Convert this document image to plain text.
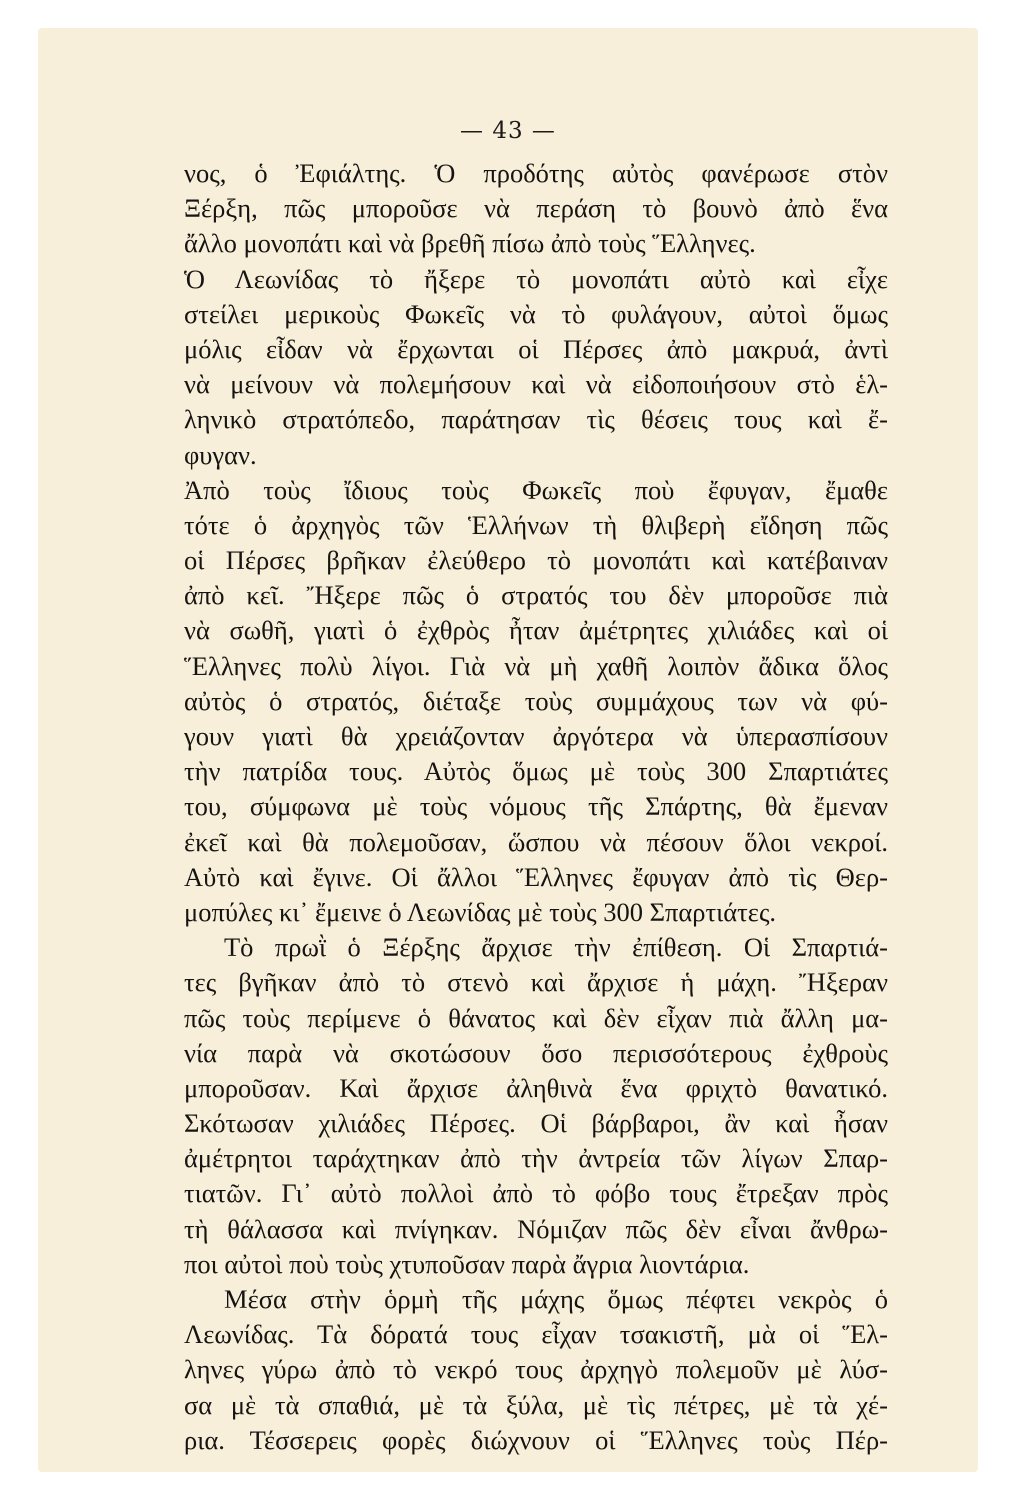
— 43 —
νος, ὁ Ἐφιάλτης. Ὁ προδότης αὐτὸς φανέρωσε στὸν
Ξέρξη, πῶς μποροῦσε νὰ περάση τὸ βουνὸ ἀπὸ ἕνα
ἄλλο μονοπάτι καὶ νὰ βρεθῆ πίσω ἀπὸ τοὺς Ἕλληνες.
Ὁ Λεωνίδας τὸ ἤξερε τὸ μονοπάτι αὐτὸ καὶ εἶχε
στείλει μερικοὺς Φωκεῖς νὰ τὸ φυλάγουν, αὐτοὶ ὅμως
μόλις εἶδαν νὰ ἔρχωνται οἱ Πέρσες ἀπὸ μακρυά, ἀντὶ
νὰ μείνουν νὰ πολεμήσουν καὶ νὰ εἰδοποιήσουν στὸ ἑλ-
ληνικὸ στρατόπεδο, παράτησαν τὶς θέσεις τους καὶ ἔ-
φυγαν.
Ἀπὸ τοὺς ἴδιους τοὺς Φωκεῖς ποὺ ἔφυγαν, ἔμαθε
τότε ὁ ἀρχηγὸς τῶν Ἑλλήνων τὴ θλιβερὴ εἴδηση πῶς
οἱ Πέρσες βρῆκαν ἐλεύθερο τὸ μονοπάτι καὶ κατέβαιναν
ἀπὸ κεῖ. Ἤξερε πῶς ὁ στρατός του δὲν μποροῦσε πιὰ
νὰ σωθῆ, γιατὶ ὁ ἐχθρὸς ἦταν ἀμέτρητες χιλιάδες καὶ οἱ
Ἕλληνες πολὺ λίγοι. Γιὰ νὰ μὴ χαθῆ λοιπὸν ἄδικα ὅλος
αὐτὸς ὁ στρατός, διέταξε τοὺς συμμάχους των νὰ φύ-
γουν γιατὶ θὰ χρειάζονταν ἀργότερα νὰ ὑπερασπίσουν
τὴν πατρίδα τους. Αὐτὸς ὅμως μὲ τοὺς 300 Σπαρτιάτες
του, σύμφωνα μὲ τοὺς νόμους τῆς Σπάρτης, θὰ ἔμεναν
ἐκεῖ καὶ θὰ πολεμοῦσαν, ὥσπου νὰ πέσουν ὅλοι νεκροί.
Αὐτὸ καὶ ἔγινε. Οἱ ἄλλοι Ἕλληνες ἔφυγαν ἀπὸ τὶς Θερ-
μοπύλες κι᾽ ἔμεινε ὁ Λεωνίδας μὲ τοὺς 300 Σπαρτιάτες.
Τὸ πρωῒ ὁ Ξέρξης ἄρχισε τὴν ἐπίθεση. Οἱ Σπαρτιά-
τες βγῆκαν ἀπὸ τὸ στενὸ καὶ ἄρχισε ἡ μάχη. Ἤξεραν
πῶς τοὺς περίμενε ὁ θάνατος καὶ δὲν εἶχαν πιὰ ἄλλη μα-
νία παρὰ νὰ σκοτώσουν ὅσο περισσότερους ἐχθροὺς
μποροῦσαν. Καὶ ἄρχισε ἀληθινὰ ἕνα φριχτὸ θανατικό.
Σκότωσαν χιλιάδες Πέρσες. Οἱ βάρβαροι, ἂν καὶ ἦσαν
ἀμέτρητοι ταράχτηκαν ἀπὸ τὴν ἀντρεία τῶν λίγων Σπαρ-
τιατῶν. Γι᾽ αὐτὸ πολλοὶ ἀπὸ τὸ φόβο τους ἔτρεξαν πρὸς
τὴ θάλασσα καὶ πνίγηκαν. Νόμιζαν πῶς δὲν εἶναι ἄνθρω-
ποι αὐτοὶ ποὺ τοὺς χτυποῦσαν παρὰ ἄγρια λιοντάρια.
Μέσα στὴν ὁρμὴ τῆς μάχης ὅμως πέφτει νεκρὸς ὁ
Λεωνίδας. Τὰ δόρατά τους εἶχαν τσακιστῆ, μὰ οἱ Ἕλ-
ληνες γύρω ἀπὸ τὸ νεκρό τους ἀρχηγὸ πολεμοῦν μὲ λύσ-
σα μὲ τὰ σπαθιά, μὲ τὰ ξύλα, μὲ τὶς πέτρες, μὲ τὰ χέ-
ρια. Τέσσερεις φορὲς διώχνουν οἱ Ἕλληνες τοὺς Πέρ-
